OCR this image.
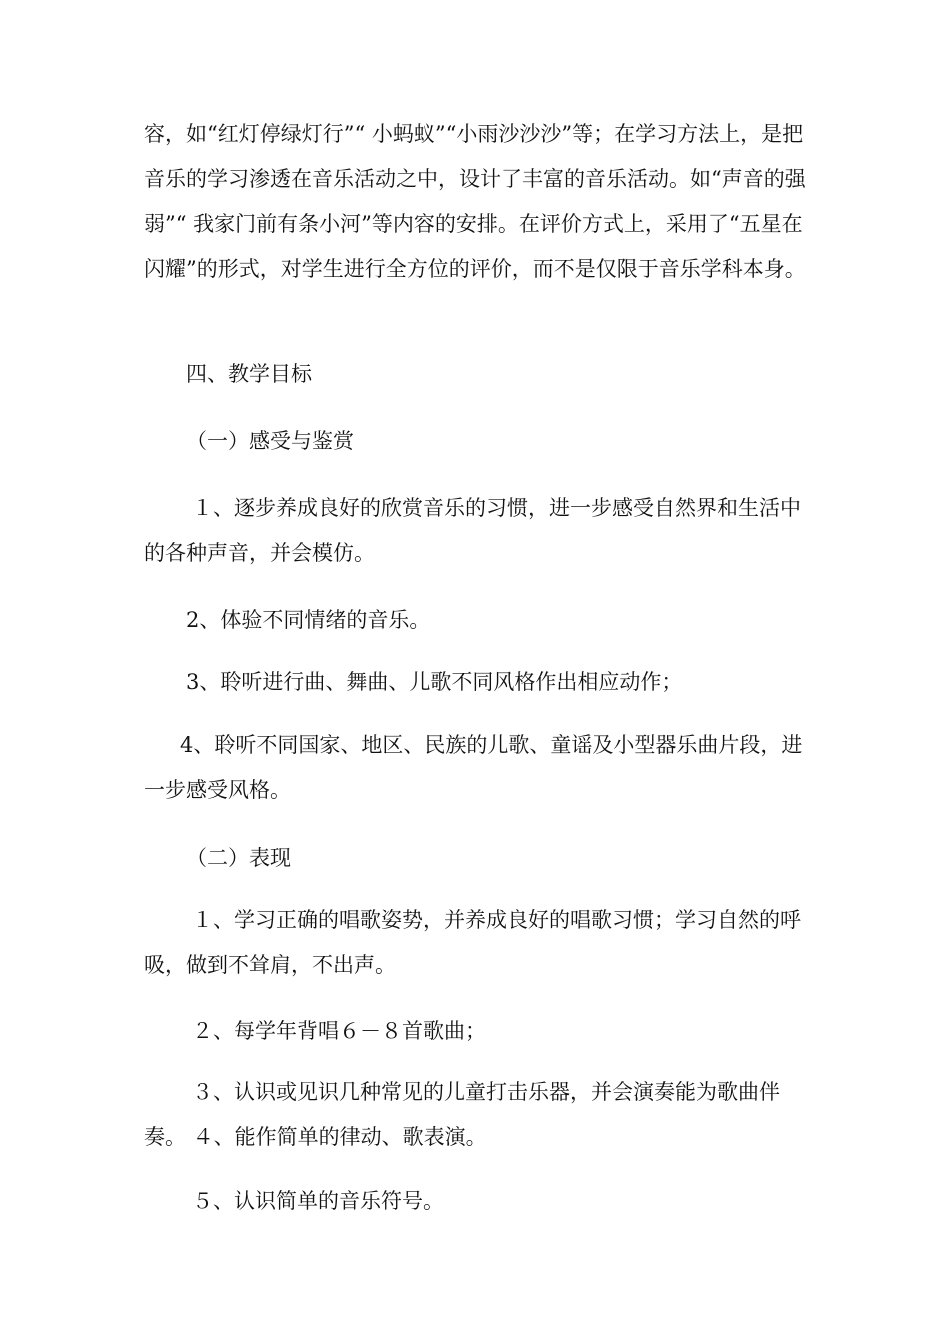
容，如“红灯停绿灯行”“ 小蚂蚁”“小雨沙沙沙”等；在学习方法上，是把音乐的学习渗透在音乐活动之中，设计了丰富的音乐活动。如“声音的强弱”“ 我家门前有条小河”等内容的安排。在评价方式上，采用了“五星在闪耀”的形式，对学生进行全方位的评价，而不是仅限于音乐学科本身。

四、教学目标

（一）感受与鉴赏

１、逐步养成良好的欣赏音乐的习惯，进一步感受自然界和生活中的各种声音，并会模仿。

2、体验不同情绪的音乐。

3、聆听进行曲、舞曲、儿歌不同风格作出相应动作；

4、聆听不同国家、地区、民族的儿歌、童谣及小型器乐曲片段，进一步感受风格。

（二）表现

１、学习正确的唱歌姿势，并养成良好的唱歌习惯；学习自然的呼吸，做到不耸肩，不出声。

２、每学年背唱６－８首歌曲；

３、认识或见识几种常见的儿童打击乐器，并会演奏能为歌曲伴奏。 ４、能作简单的律动、歌表演。

５、认识简单的音乐符号。
